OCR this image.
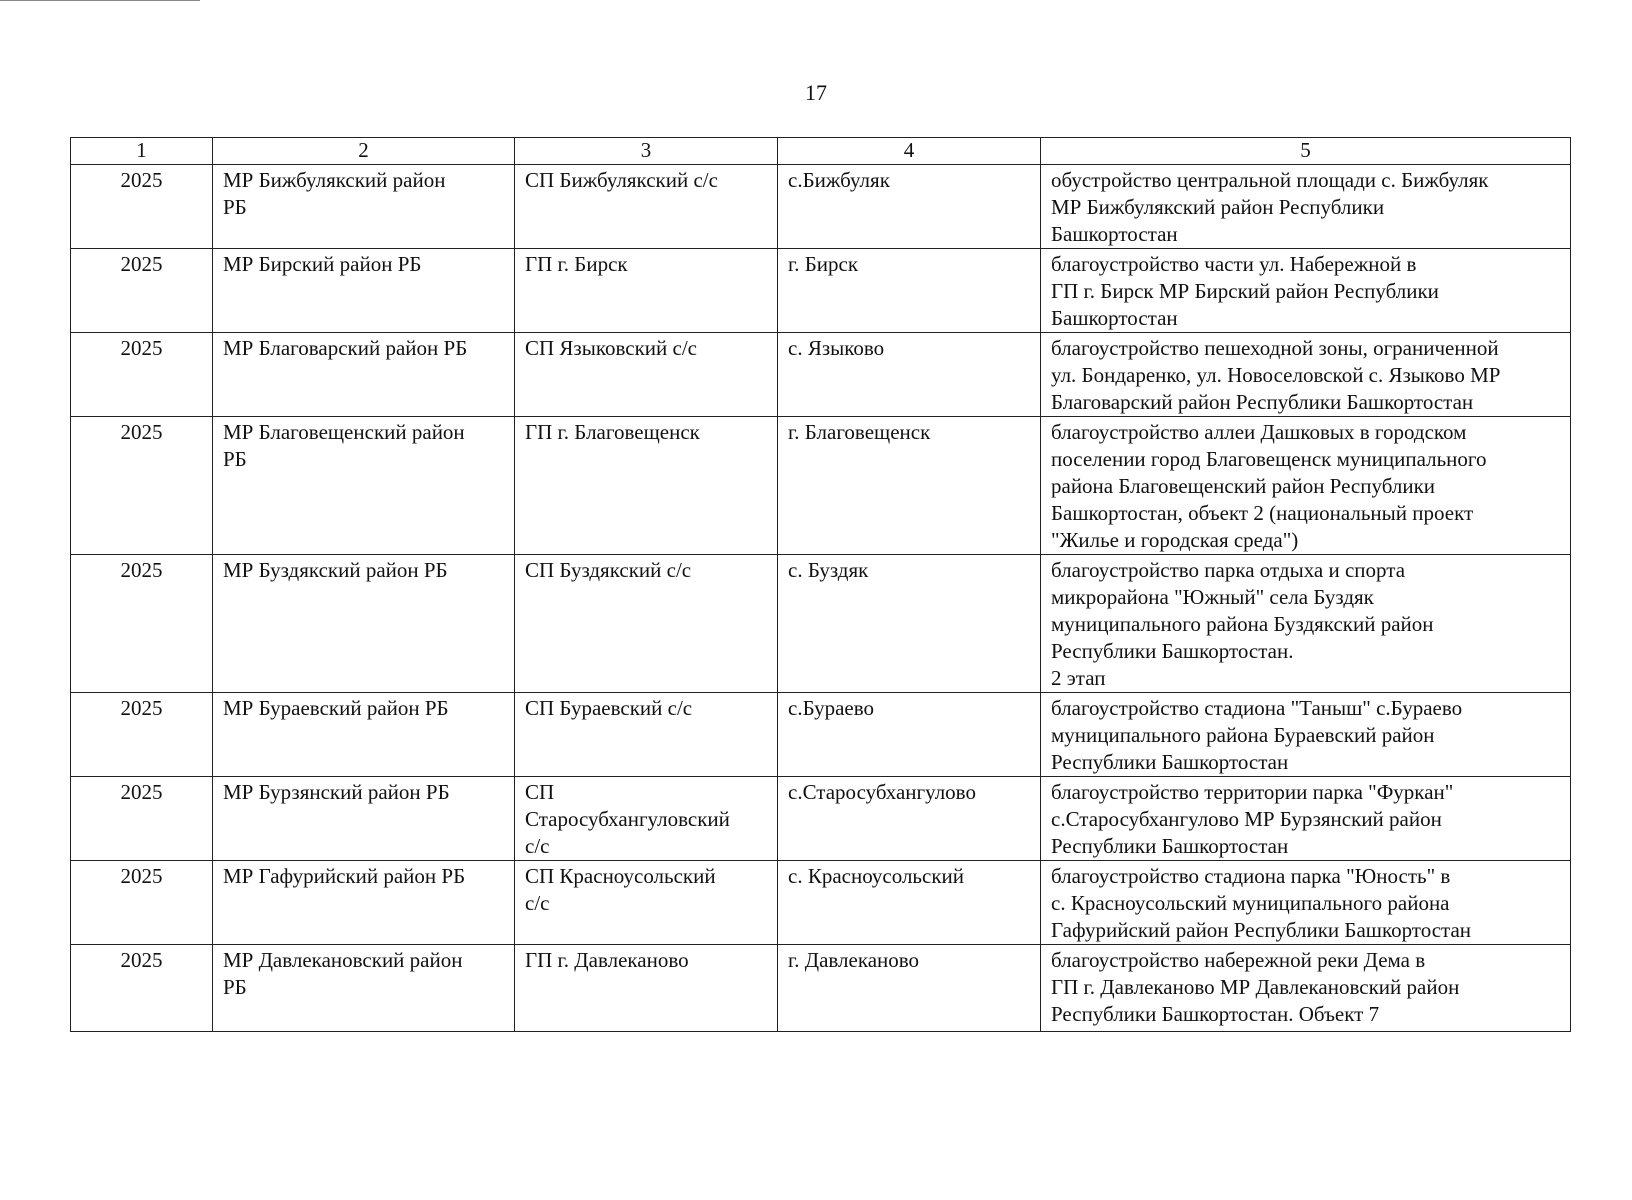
17
1	2	3	4	5
2025	МР Бижбулякский район
РБ	СП Бижбулякский с/с	с.Бижбуляк	обустройство центральной площади с. Бижбуляк
МР Бижбулякский район Республики
Башкортостан
2025	МР Бирский район РБ	ГП г. Бирск	г. Бирск	благоустройство части ул. Набережной в
ГП г. Бирск МР Бирский район Республики
Башкортостан
2025	МР Благоварский район РБ	СП Языковский с/с	с. Языково	благоустройство пешеходной зоны, ограниченной
ул. Бондаренко, ул. Новоселовской с. Языково МР
Благоварский район Республики Башкортостан
2025	МР Благовещенский район
РБ	ГП г. Благовещенск	г. Благовещенск	благоустройство аллеи Дашковых в городском
поселении город Благовещенск муниципального
района Благовещенский район Республики
Башкортостан, объект 2 (национальный проект
"Жилье и городская среда")
2025	МР Буздякский район РБ	СП Буздякский с/с	с. Буздяк	благоустройство парка отдыха и спорта
микрорайона "Южный" села Буздяк
муниципального района Буздякский район
Республики Башкортостан.
2 этап
2025	МР Бураевский район РБ	СП Бураевский с/с	с.Бураево	благоустройство стадиона "Таныш" с.Бураево
муниципального района Бураевский район
Республики Башкортостан
2025	МР Бурзянский район РБ	СП
Старосубхангуловский
с/с	с.Старосубхангулово	благоустройство территории парка "Фуркан"
с.Старосубхангулово МР Бурзянский район
Республики Башкортостан
2025	МР Гафурийский район РБ	СП Красноусольский
с/с	с. Красноусольский	благоустройство стадиона парка "Юность" в
с. Красноусольский муниципального района
Гафурийский район Республики Башкортостан
2025	МР Давлекановский район
РБ	ГП г. Давлеканово	г. Давлеканово	благоустройство набережной реки Дема в
ГП г. Давлеканово МР Давлекановский район
Республики Башкортостан. Объект 7
